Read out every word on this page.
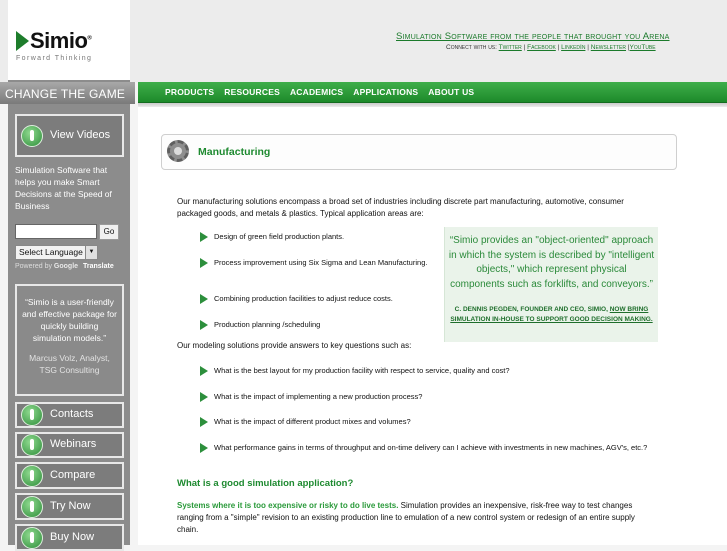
Simulation Software from the people that brought you Arena
Connect with us: Twitter | Facebook | LinkedIn | Newsletter |YouTube
PRODUCTS RESOURCES ACADEMICS APPLICATIONS ABOUT US
Simio®
Forward Thinking
View Videos
Simulation Software that helps you make Smart Decisions at the Speed of Business
Go
Select Language ▼
Powered by Google Translate
“Simio is a user-friendly and effective package for quickly building simulation models.”
Marcus Volz, Analyst, TSG Consulting
Contacts
Webinars
Compare
Try Now
Buy Now
CHANGE THE GAME
Manufacturing
Our manufacturing solutions encompass a broad set of industries including discrete part manufacturing, automotive, consumer packaged goods, and metals & plastics. Typical application areas are:
Design of green field production plants.
Process improvement using Six Sigma and Lean Manufacturing.
Combining production facilities to adjust reduce costs.
Production planning /scheduling
Our modeling solutions provide answers to key questions such as:
What is the best layout for my production facility with respect to service, quality and cost?
What is the impact of implementing a new production process?
What is the impact of different product mixes and volumes?
What performance gains in terms of throughput and on-time delivery can I achieve with investments in new machines, AGV's, etc.?
“Simio provides an "object-oriented" approach in which the system is described by "intelligent objects," which represent physical components such as forklifts, and conveyors.”
C. DENNIS PEGDEN, FOUNDER AND CEO, SIMIO, NOW BRING SIMULATION IN-HOUSE TO SUPPORT GOOD DECISION MAKING.
What is a good simulation application?
Systems where it is too expensive or risky to do live tests. Simulation provides an inexpensive, risk-free way to test changes ranging from a "simple" revision to an existing production line to emulation of a new control system or redesign of an entire supply chain.
